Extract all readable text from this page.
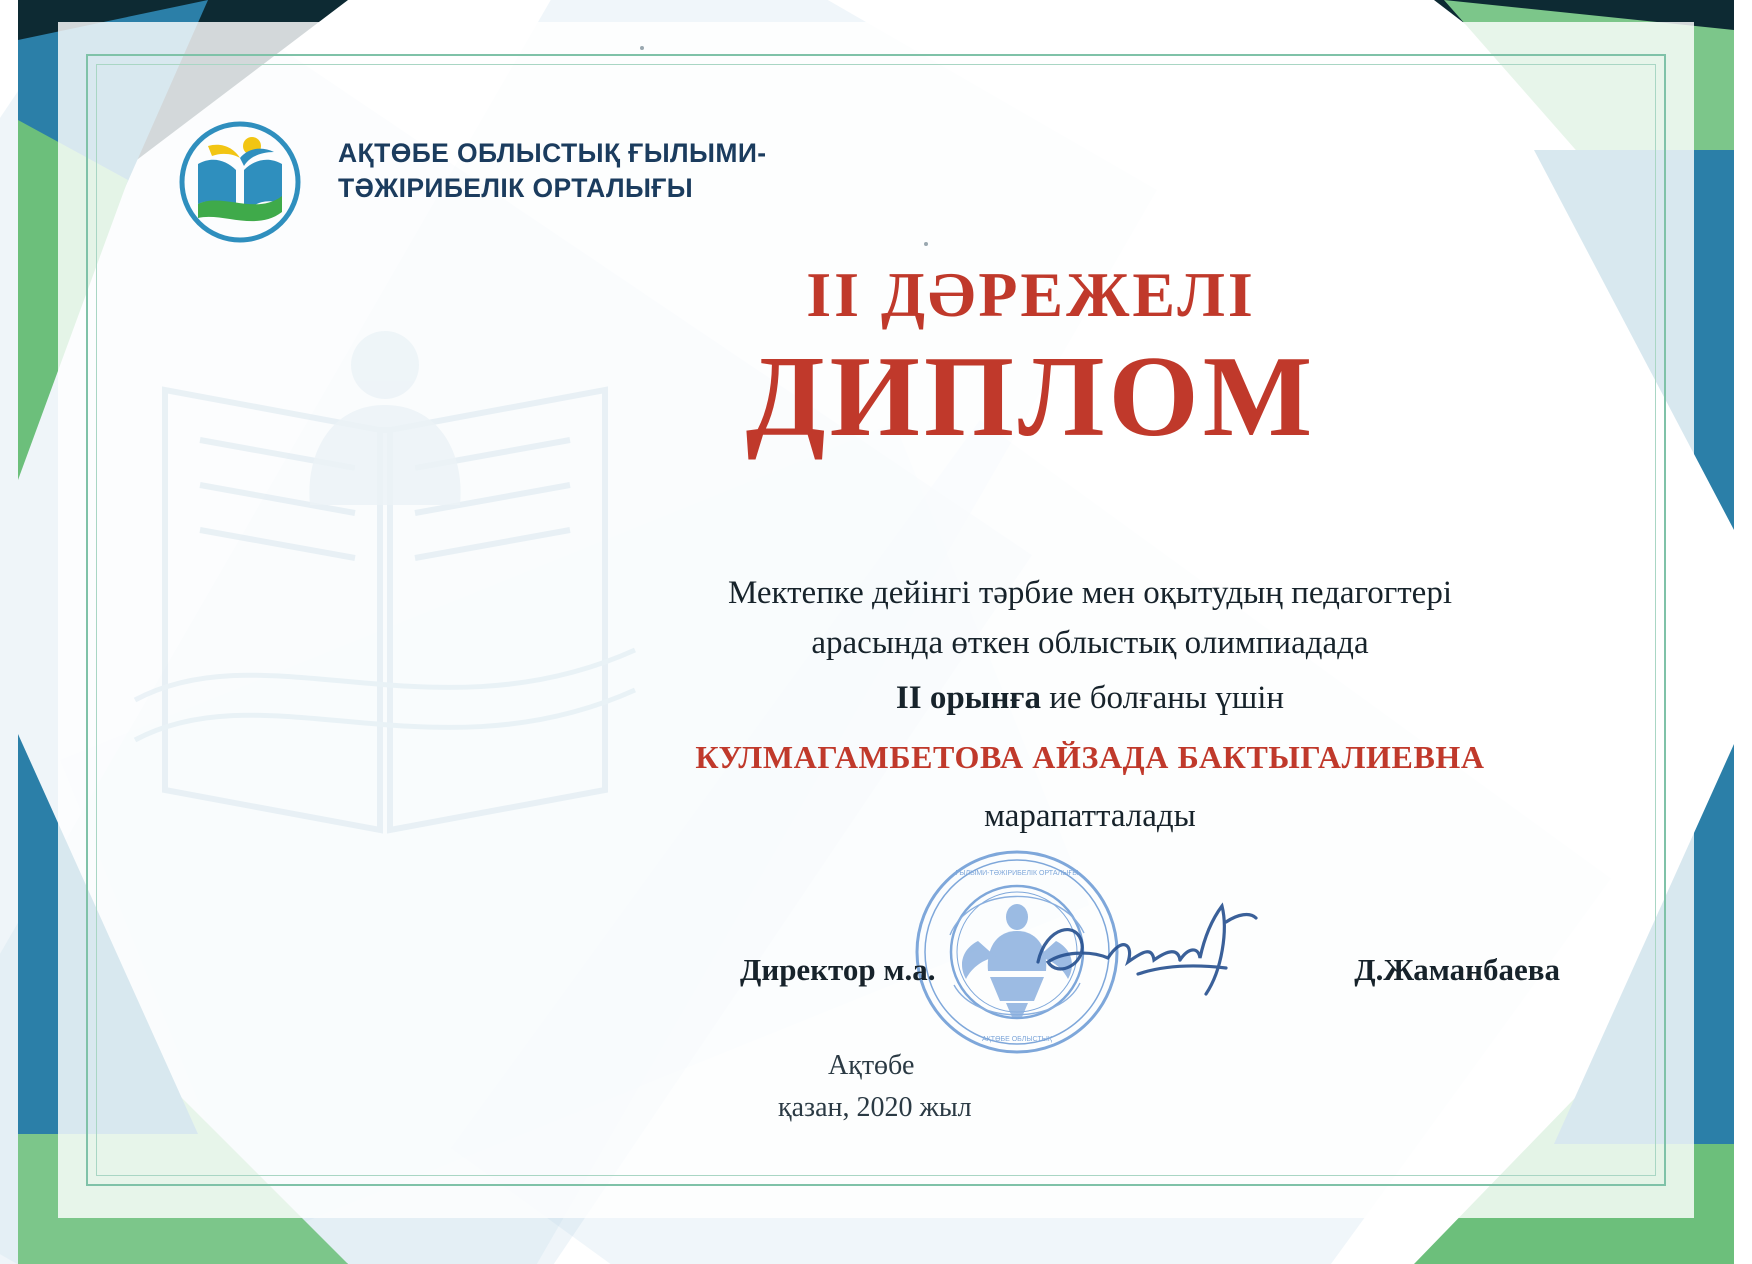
АҚТӨБЕ ОБЛЫСТЫҚ ҒЫЛЫМИ-ТӘЖІРИБЕЛІК ОРТАЛЫҒЫ
ІІ ДӘРЕЖЕЛІ
ДИПЛОМ
Мектепке дейінгі тәрбие мен оқытудың педагогтері
арасында өткен облыстық олимпиадада
ІІ орынға ие болғаны үшін
КУЛМАГАМБЕТОВА АЙЗАДА БАКТЫГАЛИЕВНА
марапатталады
ҒЫЛЫМИ-ТӘЖІРИБЕЛІК ОРТАЛЫҒЫ
АҚТӨБЕ ОБЛЫСТЫҚ
Директор м.а.	Д.Жаманбаева
Ақтөбе
қазан, 2020 жыл
